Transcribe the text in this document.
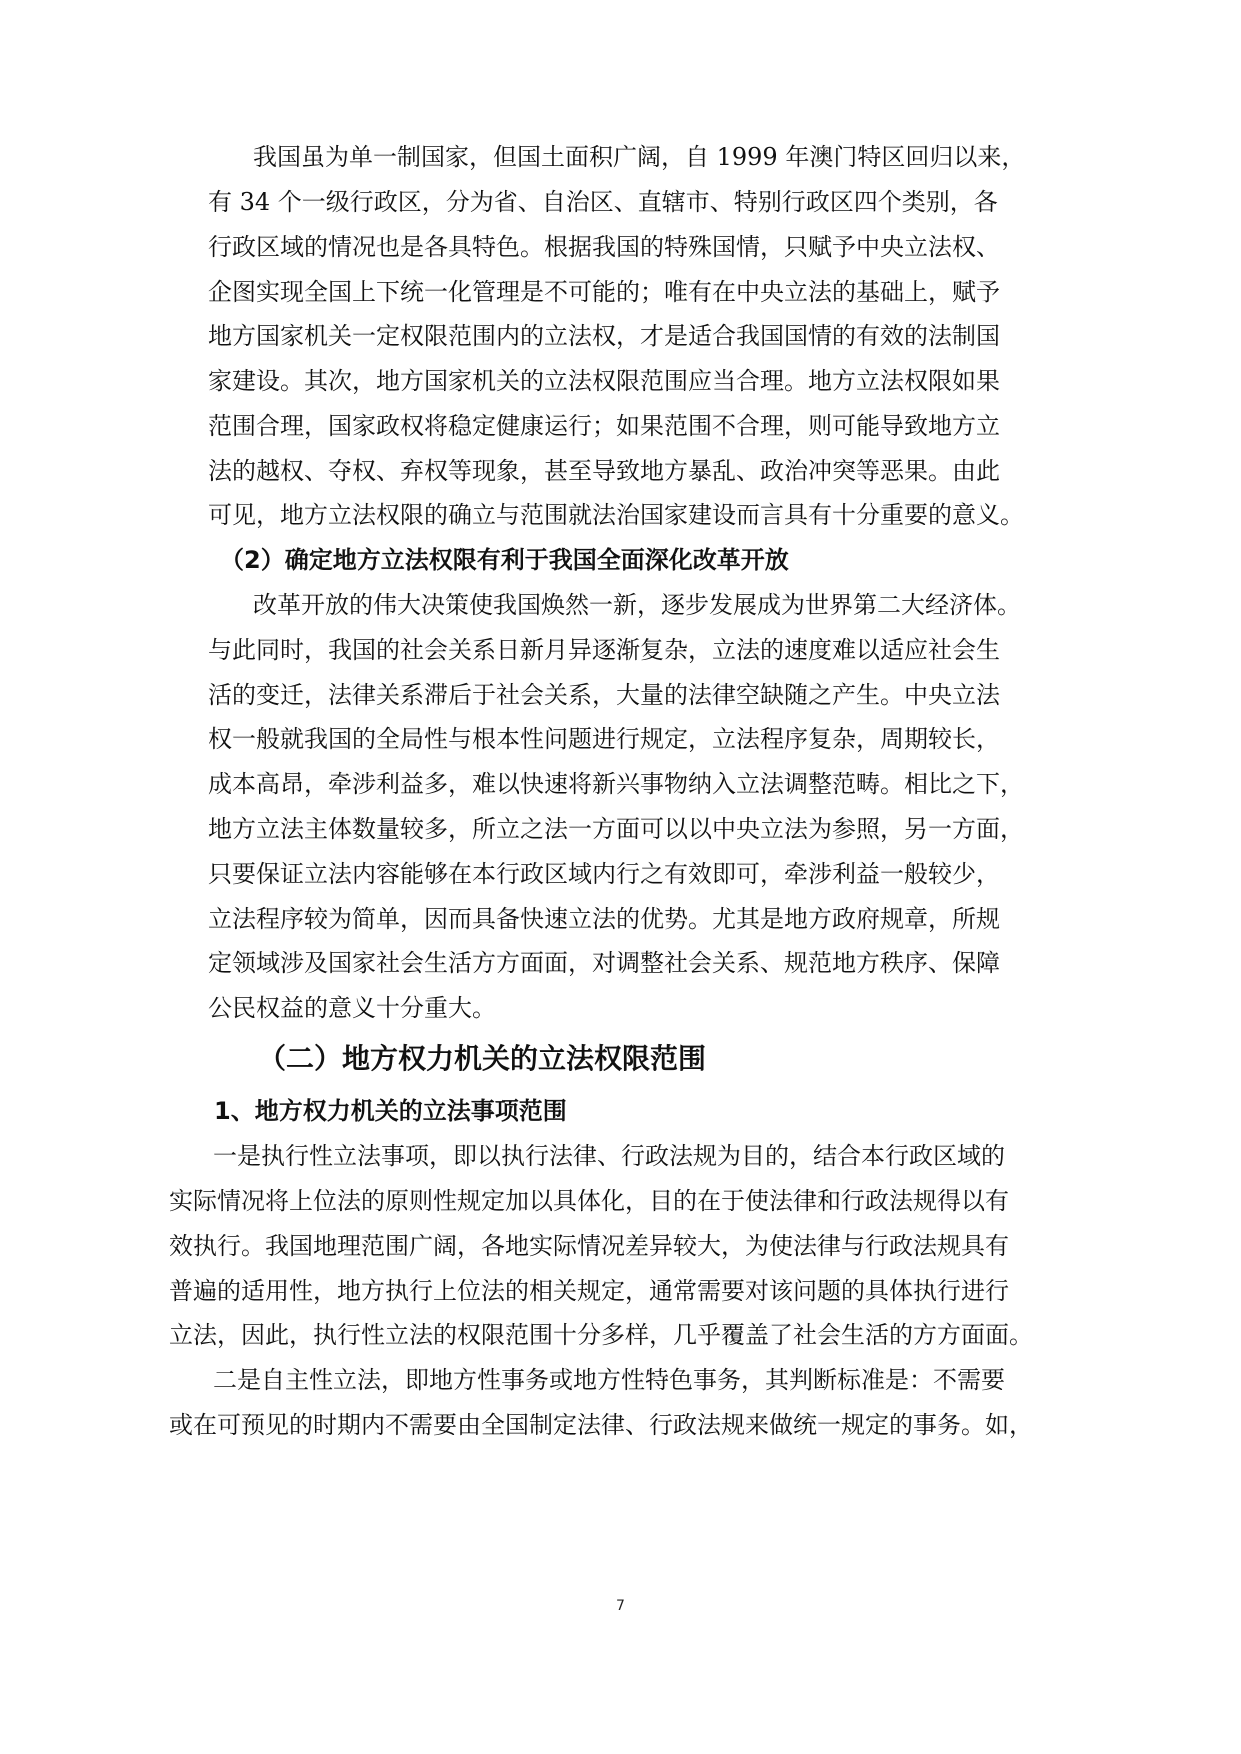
我国虽为单一制国家，但国土面积广阔，自 1999 年澳门特区回归以来，
有 34 个一级行政区，分为省、自治区、直辖市、特别行政区四个类别，各
行政区域的情况也是各具特色。根据我国的特殊国情，只赋予中央立法权、
企图实现全国上下统一化管理是不可能的；唯有在中央立法的基础上，赋予
地方国家机关一定权限范围内的立法权，才是适合我国国情的有效的法制国
家建设。其次，地方国家机关的立法权限范围应当合理。地方立法权限如果
范围合理，国家政权将稳定健康运行；如果范围不合理，则可能导致地方立
法的越权、夺权、弃权等现象，甚至导致地方暴乱、政治冲突等恶果。由此
可见，地方立法权限的确立与范围就法治国家建设而言具有十分重要的意义。
（2）确定地方立法权限有利于我国全面深化改革开放
改革开放的伟大决策使我国焕然一新，逐步发展成为世界第二大经济体。
与此同时，我国的社会关系日新月异逐渐复杂，立法的速度难以适应社会生
活的变迁，法律关系滞后于社会关系，大量的法律空缺随之产生。中央立法
权一般就我国的全局性与根本性问题进行规定，立法程序复杂，周期较长，
成本高昂，牵涉利益多，难以快速将新兴事物纳入立法调整范畴。相比之下，
地方立法主体数量较多，所立之法一方面可以以中央立法为参照，另一方面，
只要保证立法内容能够在本行政区域内行之有效即可，牵涉利益一般较少，
立法程序较为简单，因而具备快速立法的优势。尤其是地方政府规章，所规
定领域涉及国家社会生活方方面面，对调整社会关系、规范地方秩序、保障
公民权益的意义十分重大。
（二）地方权力机关的立法权限范围
1、地方权力机关的立法事项范围
一是执行性立法事项，即以执行法律、行政法规为目的，结合本行政区域的
实际情况将上位法的原则性规定加以具体化，目的在于使法律和行政法规得以有
效执行。我国地理范围广阔，各地实际情况差异较大，为使法律与行政法规具有
普遍的适用性，地方执行上位法的相关规定，通常需要对该问题的具体执行进行
立法，因此，执行性立法的权限范围十分多样，几乎覆盖了社会生活的方方面面。
二是自主性立法，即地方性事务或地方性特色事务，其判断标准是：不需要
或在可预见的时期内不需要由全国制定法律、行政法规来做统一规定的事务。如，
7
